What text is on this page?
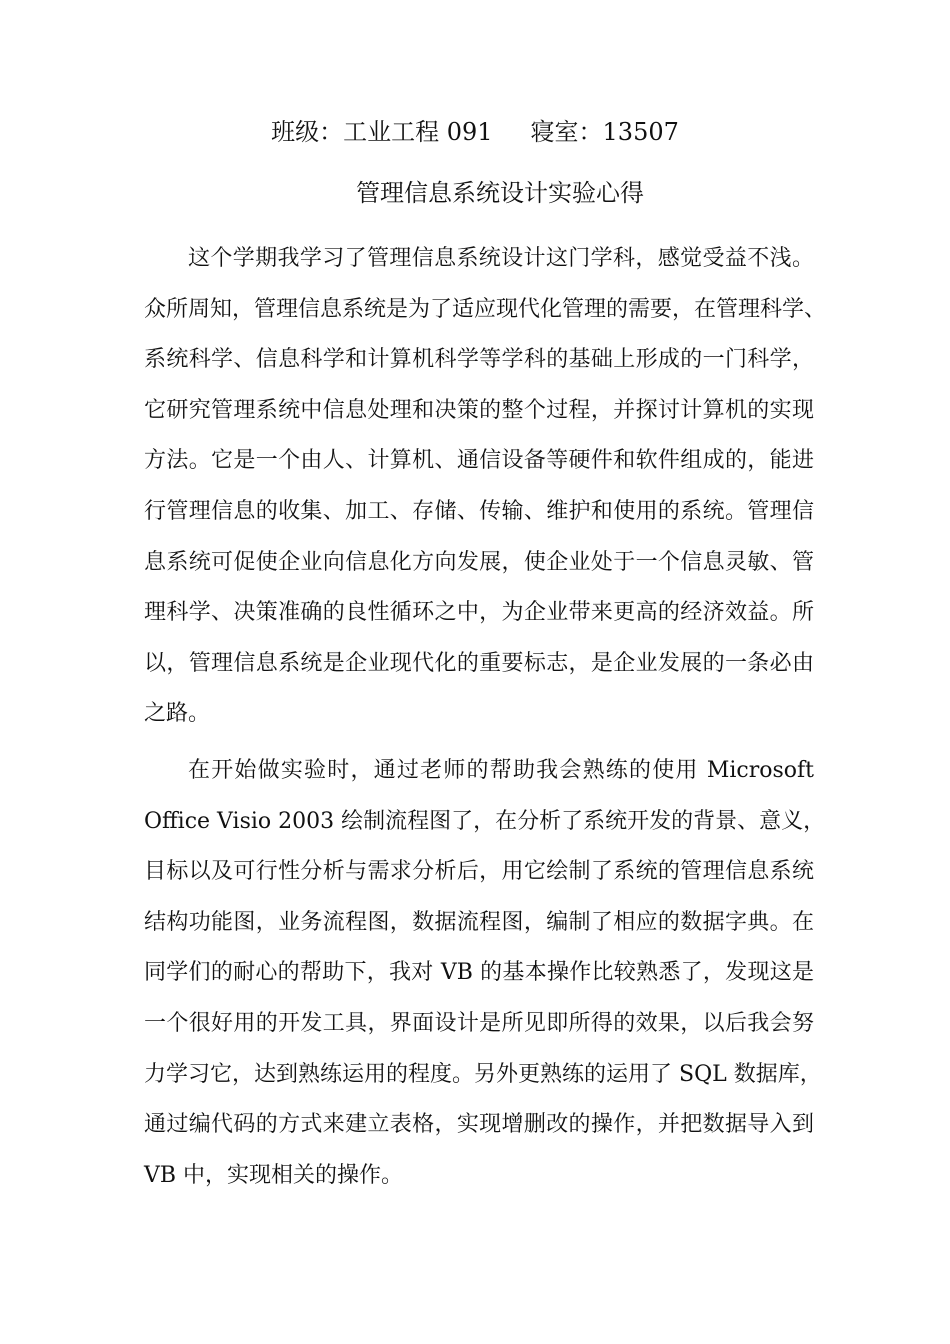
班级：工业工程 091 寝室：13507
管理信息系统设计实验心得
这个学期我学习了管理信息系统设计这门学科，感觉受益不浅。
众所周知，管理信息系统是为了适应现代化管理的需要，在管理科学、
系统科学、信息科学和计算机科学等学科的基础上形成的一门科学，
它研究管理系统中信息处理和决策的整个过程，并探讨计算机的实现
方法。它是一个由人、计算机、通信设备等硬件和软件组成的，能进
行管理信息的收集、加工、存储、传输、维护和使用的系统。管理信
息系统可促使企业向信息化方向发展，使企业处于一个信息灵敏、管
理科学、决策准确的良性循环之中，为企业带来更高的经济效益。所
以，管理信息系统是企业现代化的重要标志，是企业发展的一条必由
之路。
在开始做实验时，通过老师的帮助我会熟练的使用 Microsoft
Office Visio 2003 绘制流程图了，在分析了系统开发的背景、意义，
目标以及可行性分析与需求分析后，用它绘制了系统的管理信息系统
结构功能图，业务流程图，数据流程图，编制了相应的数据字典。在
同学们的耐心的帮助下，我对 VB 的基本操作比较熟悉了，发现这是
一个很好用的开发工具，界面设计是所见即所得的效果，以后我会努
力学习它，达到熟练运用的程度。另外更熟练的运用了 SQL 数据库，
通过编代码的方式来建立表格，实现增删改的操作，并把数据导入到
VB 中，实现相关的操作。
